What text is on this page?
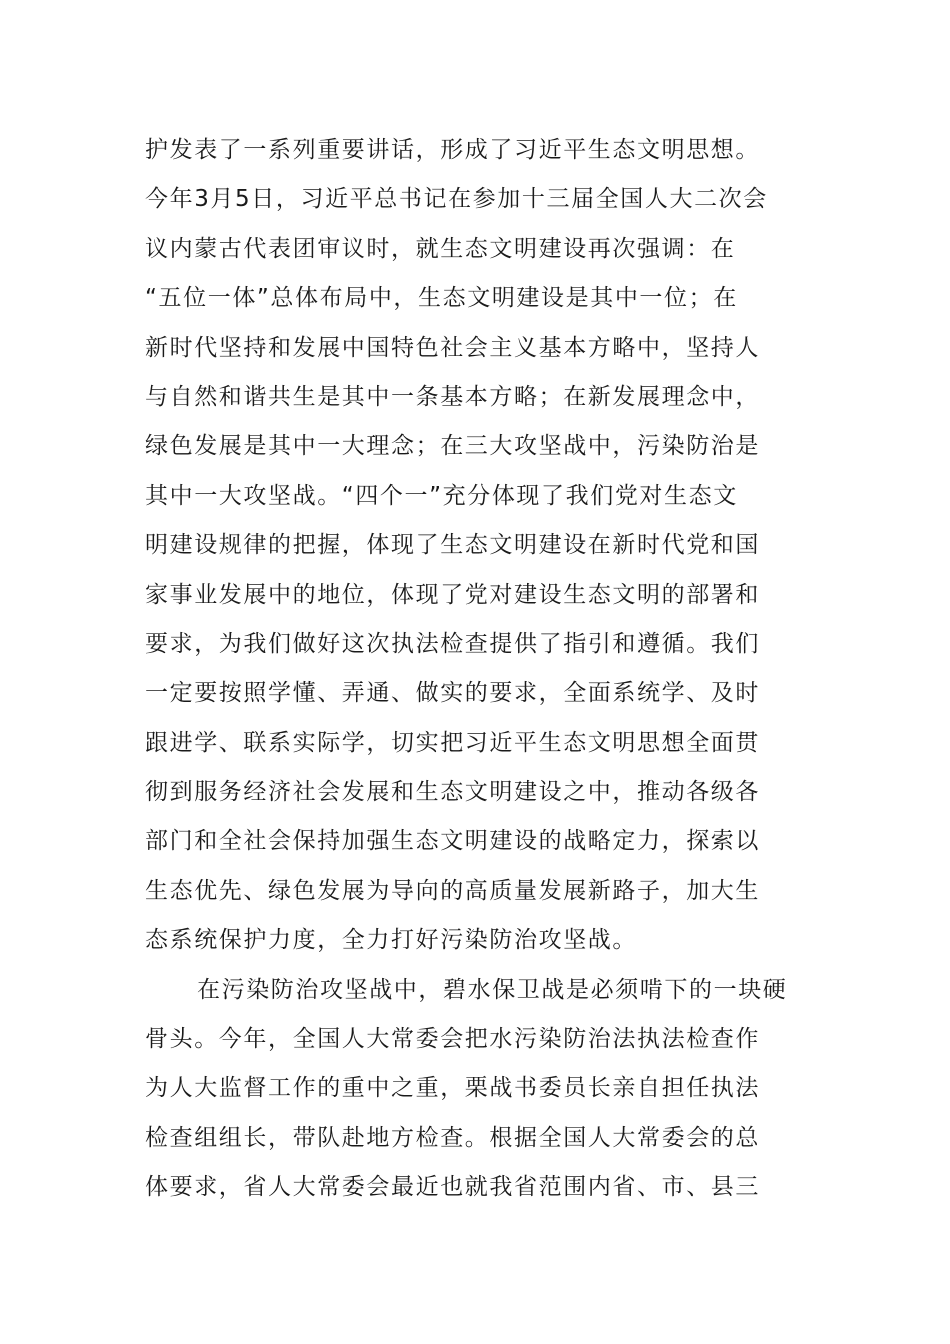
护发表了一系列重要讲话，形成了习近平生态文明思想。
今年3月5日，习近平总书记在参加十三届全国人大二次会
议内蒙古代表团审议时，就生态文明建设再次强调：在
“五位一体”总体布局中，生态文明建设是其中一位；在
新时代坚持和发展中国特色社会主义基本方略中，坚持人
与自然和谐共生是其中一条基本方略；在新发展理念中，
绿色发展是其中一大理念；在三大攻坚战中，污染防治是
其中一大攻坚战。“四个一”充分体现了我们党对生态文
明建设规律的把握，体现了生态文明建设在新时代党和国
家事业发展中的地位，体现了党对建设生态文明的部署和
要求，为我们做好这次执法检查提供了指引和遵循。我们
一定要按照学懂、弄通、做实的要求，全面系统学、及时
跟进学、联系实际学，切实把习近平生态文明思想全面贯
彻到服务经济社会发展和生态文明建设之中，推动各级各
部门和全社会保持加强生态文明建设的战略定力，探索以
生态优先、绿色发展为导向的高质量发展新路子，加大生
态系统保护力度，全力打好污染防治攻坚战。
在污染防治攻坚战中，碧水保卫战是必须啃下的一块硬
骨头。今年，全国人大常委会把水污染防治法执法检查作
为人大监督工作的重中之重，栗战书委员长亲自担任执法
检查组组长，带队赴地方检查。根据全国人大常委会的总
体要求，省人大常委会最近也就我省范围内省、市、县三
